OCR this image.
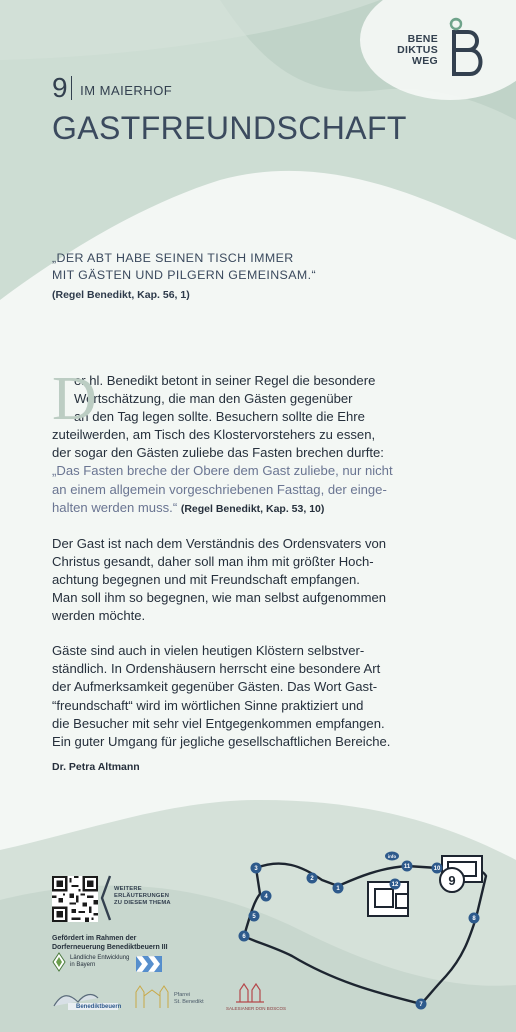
BENE
DIKTUS
WEG
9 IM MAIERHOF
GASTFREUNDSCHAFT
„DER ABT HABE SEINEN TISCH IMMER
MIT GÄSTEN UND PILGERN GEMEINSAM.“
(Regel Benedikt, Kap. 56, 1)
D
er hl. Benedikt betont in seiner Regel die besondere
Wertschätzung, die man den Gästen gegenüber
an den Tag legen sollte. Besuchern sollte die Ehre
zuteilwerden, am Tisch des Klostervorstehers zu essen,
der sogar den Gästen zuliebe das Fasten brechen durfte:
„Das Fasten breche der Obere dem Gast zuliebe, nur nicht
an einem allgemein vorgeschriebenen Fasttag, der einge-
halten werden muss.“ (Regel Benedikt, Kap. 53, 10)
Der Gast ist nach dem Verständnis des Ordensvaters von
Christus gesandt, daher soll man ihm mit größter Hoch-
achtung begegnen und mit Freundschaft empfangen.
Man soll ihm so begegnen, wie man selbst aufgenommen
werden möchte.
Gäste sind auch in vielen heutigen Klöstern selbstver-
ständlich. In Ordenshäusern herrscht eine besondere Art
der Aufmerksamkeit gegenüber Gästen. Das Wort Gast-
“freundschaft“ wird im wörtlichen Sinne praktiziert und
die Besucher mit sehr viel Entgegenkommen empfangen.
Ein guter Umgang für jegliche gesellschaftlichen Bereiche.
Dr. Petra Altmann
WEITERE
ERLÄUTERUNGEN
ZU DIESEM THEMA
Gefördert im Rahmen der
Dorferneuerung Benediktbeuern III
Ländliche Entwicklung
in Bayern
Benediktbeuern
Pfarrei
St. Benedikt
SALESIANER DON BOSCOS
1
2
3
4
5
6
7
8
10
11
12
info
9
